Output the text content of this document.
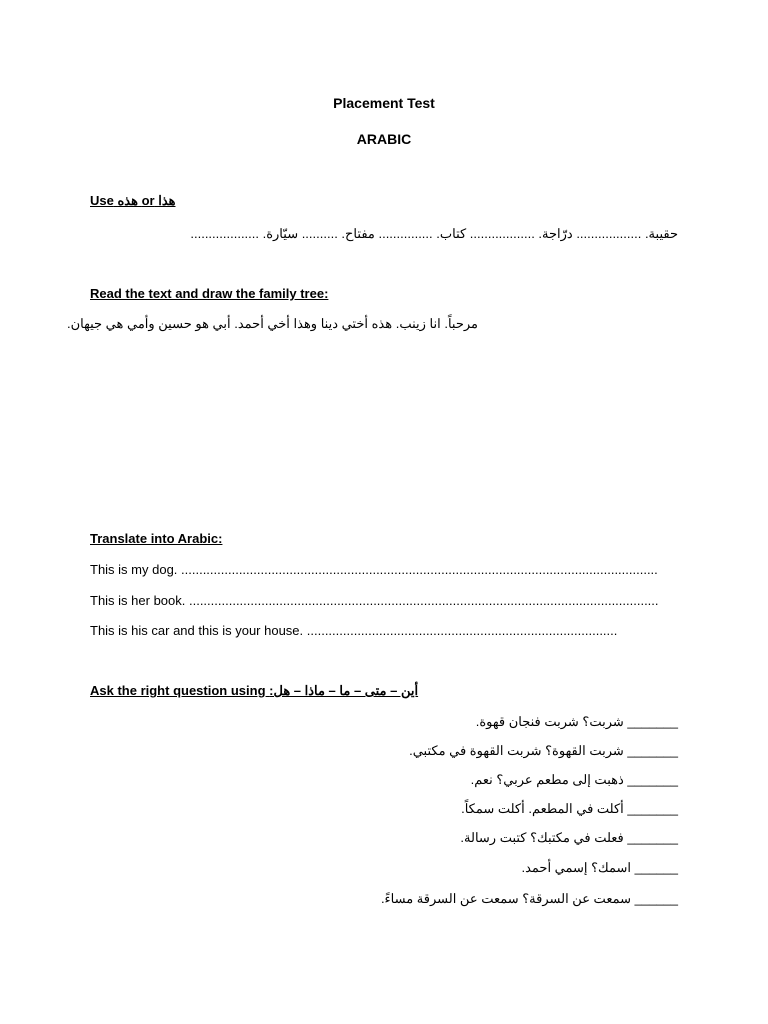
Placement Test
ARABIC
Use هذا or هذه
حقيبة. .................. درّاجة. .................. كتاب. ............... مفتاح. .......... سيّارة. ...................
Read the text and draw the family tree:
مرحباً. انا زينب. هذه أختي دينا وهذا أخي أحمد. أبي هو حسين وأمي هي جيهان.
Translate into Arabic:
This is my dog. ....................................................................................................................................
This is her book. ..................................................................................................................................
This is his car and this is your house. ......................................................................................
Ask the right question using أين – متى – ما – ماذا – هل:
_______ شربت؟ شربت فنجان قهوة.
_______ شربت القهوة؟ شربت القهوة في مكتبي.
_______ ذهبت إلى مطعم عربي؟ نعم.
_______ أكلت في المطعم. أكلت سمكاً.
_______ فعلت في مكتبك؟ كتبت رسالة.
______ اسمك؟ إسمي أحمد.
______ سمعت عن السرقة؟ سمعت عن السرقة مساءً.
